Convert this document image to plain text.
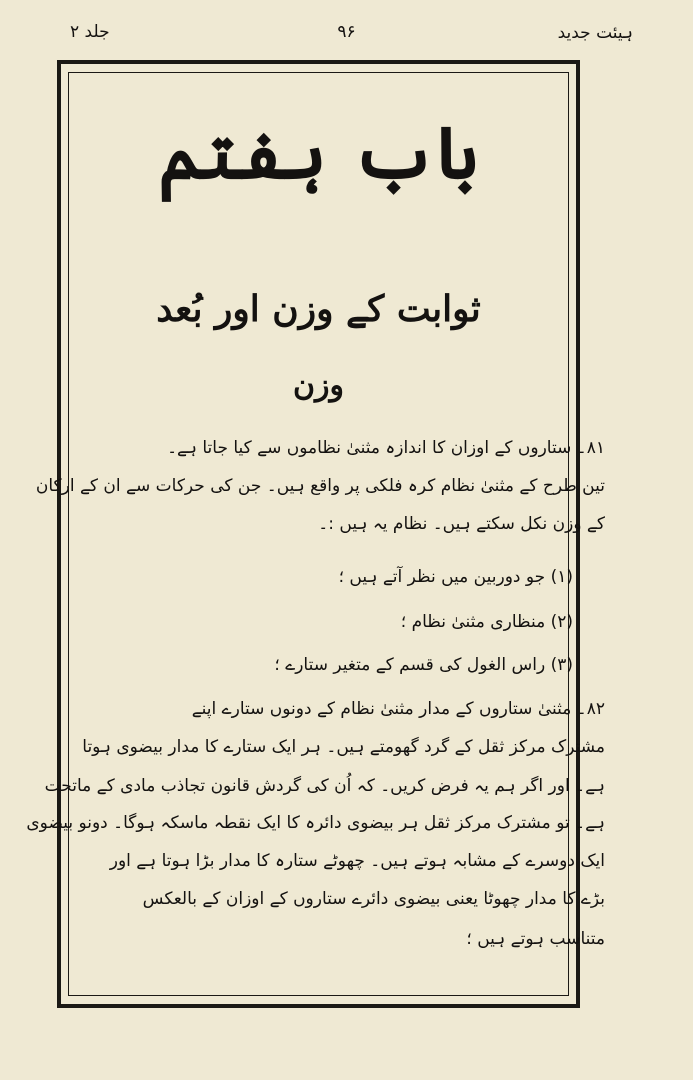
جلد ۲	۹۶	ہیئت جدید
باب ہفتم
ثوابت کے وزن اور بُعد
وزن
۸۱۔ ستاروں کے اوزان کا اندازہ مثنیٰ نظاموں سے کیا جاتا ہے۔
تین طرح کے مثنیٰ نظام کرہ فلکی پر واقع ہیں۔ جن کی حرکات سے ان کے ارکان
کے وزن نکل سکتے ہیں۔ نظام یہ ہیں :۔
(۱) جو دوربین میں نظر آتے ہیں ؛
(۲) منظاری مثنیٰ نظام ؛
(۳) راس الغول کی قسم کے متغیر ستارے ؛
۸۲۔ مثنیٰ ستاروں کے مدار مثنیٰ نظام کے دونوں ستارے اپنے
مشترک مرکز ثقل کے گرد گھومتے ہیں۔ ہر ایک ستارے کا مدار بیضوی ہوتا
ہے۔ اور اگر ہم یہ فرض کریں۔ کہ اُن کی گردش قانون تجاذب مادی کے ماتحت
ہے۔ تو مشترک مرکز ثقل ہر بیضوی دائرہ کا ایک نقطہ ماسکہ ہوگا۔ دونو بیضوی
ایک دوسرے کے مشابہ ہوتے ہیں۔ چھوٹے ستارہ کا مدار بڑا ہوتا ہے اور
بڑے کا مدار چھوٹا یعنی بیضوی دائرے ستاروں کے اوزان کے بالعکس
متناسب ہوتے ہیں ؛
